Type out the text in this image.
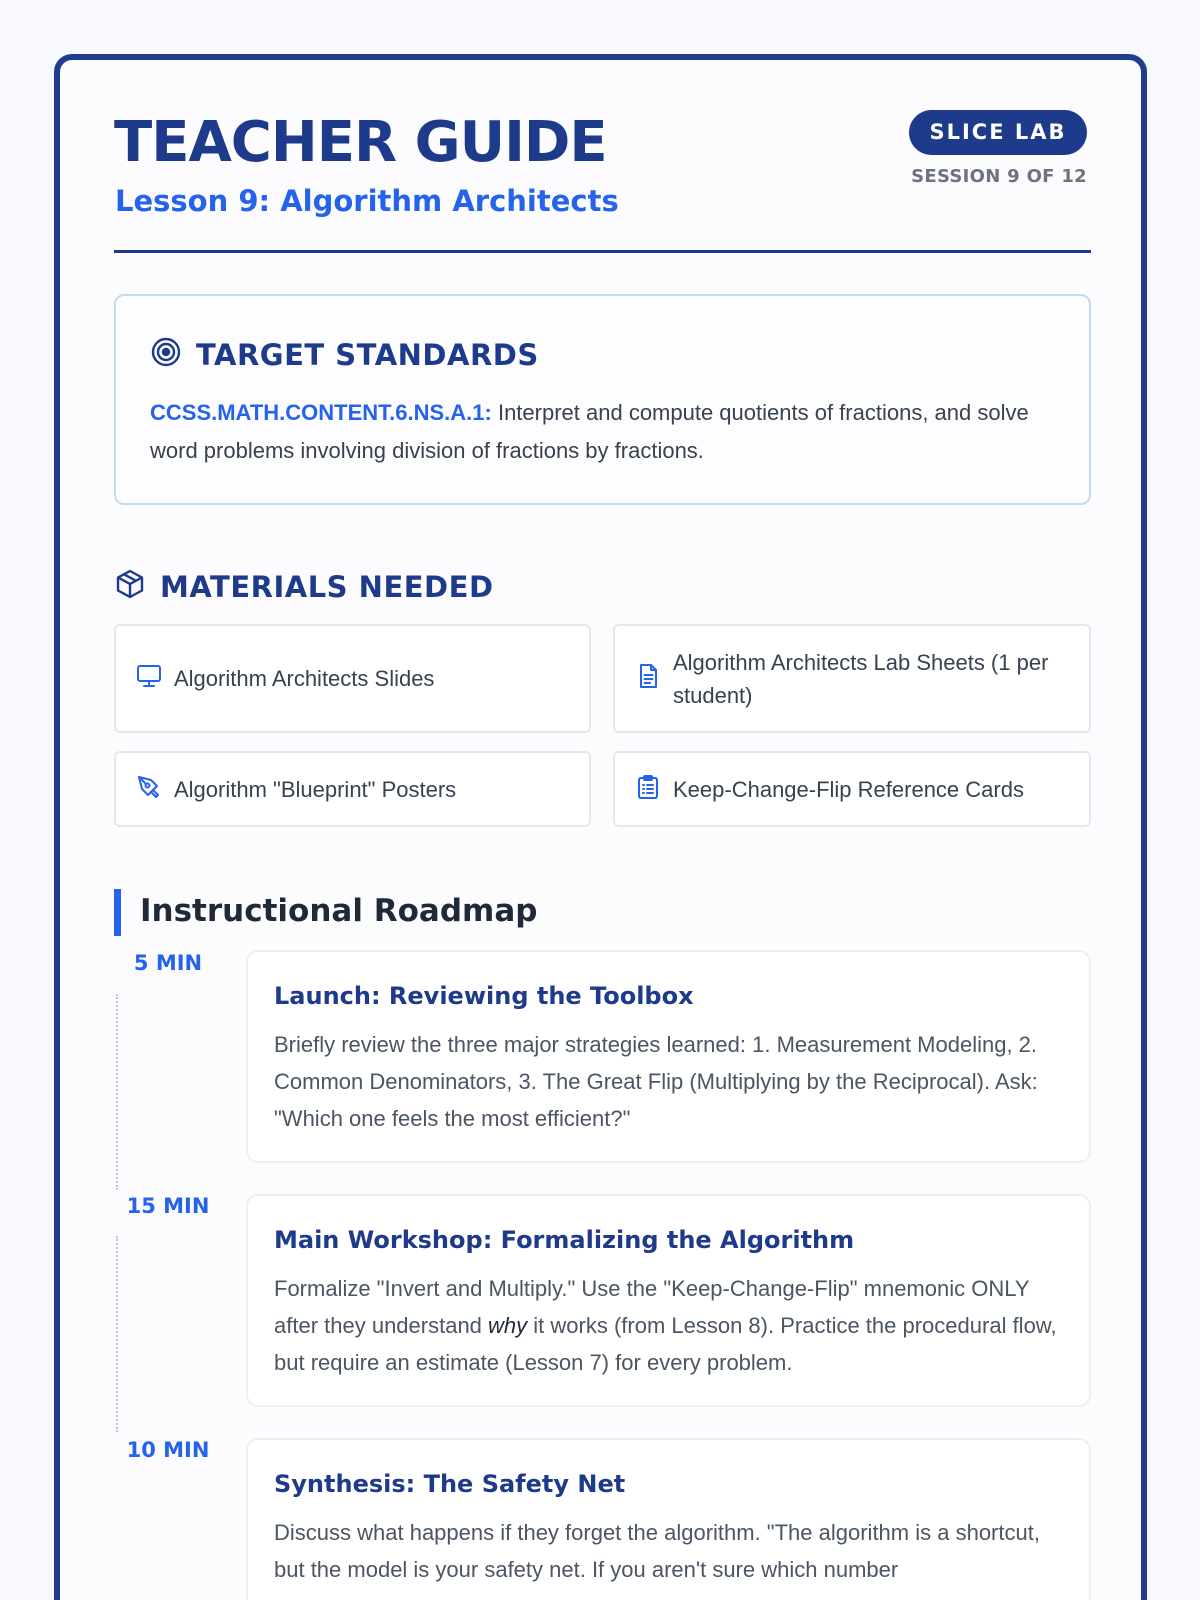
TEACHER GUIDE
Lesson 9: Algorithm Architects
SLICE LAB
SESSION 9 OF 12
TARGET STANDARDS
CCSS.MATH.CONTENT.6.NS.A.1: Interpret and compute quotients of fractions, and solve word problems involving division of fractions by fractions.
MATERIALS NEEDED
Algorithm Architects Slides
Algorithm Architects Lab Sheets (1 per student)
Algorithm "Blueprint" Posters	Keep-Change-Flip Reference Cards
Instructional Roadmap
5 MIN
Launch: Reviewing the Toolbox
Briefly review the three major strategies learned: 1. Measurement Modeling, 2. Common Denominators, 3. The Great Flip (Multiplying by the Reciprocal). Ask: "Which one feels the most efficient?"
15 MIN
Main Workshop: Formalizing the Algorithm
Formalize "Invert and Multiply." Use the "Keep-Change-Flip" mnemonic ONLY after they understand why it works (from Lesson 8). Practice the procedural flow, but require an estimate (Lesson 7) for every problem.
10 MIN
Synthesis: The Safety Net
Discuss what happens if they forget the algorithm. "The algorithm is a shortcut, but the model is your safety net. If you aren't sure which number
